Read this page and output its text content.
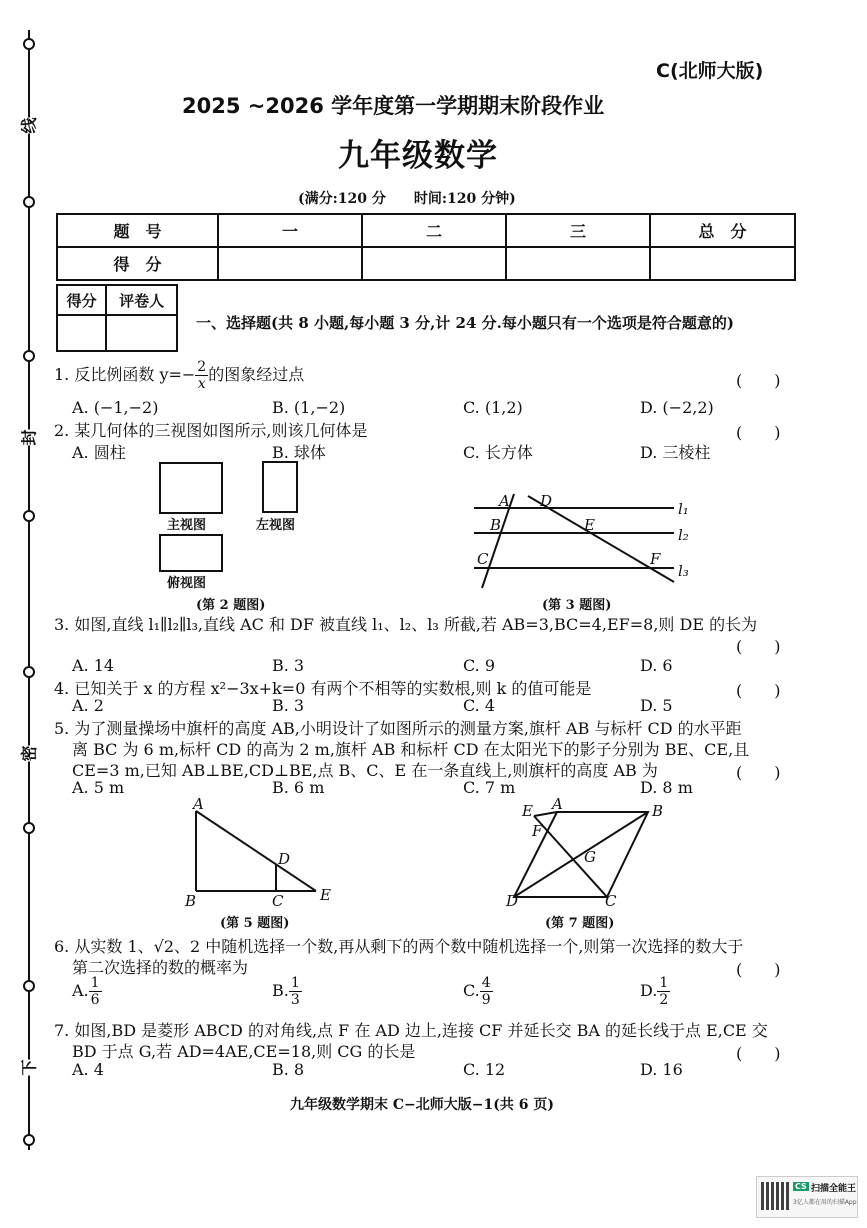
线
封
密
下
C(北师大版)
2025 ~2026 学年度第一学期期末阶段作业
九年级数学
(满分:120 分　　时间:120 分钟)
题　号	一	二	三	总　分
得　分				
得分	评卷人

一、选择题(共 8 小题,每小题 3 分,计 24 分.每小题只有一个选项是符合题意的)
1. 反比例函数 $y=- \frac{2}{x}$ 的图象经过点	(　　)
A. (−1,−2)	B. (1,−2)	C. (1,2)	D. (−2,2)
2. 某几何体的三视图如图所示,则该几何体是	(　　)
A. 圆柱	B. 球体	C. 长方体	D. 三棱柱
主视图	左视图
俯视图
(第 2 题图)
A
B
C
D
E
F
l₁
l₂
l₃
(第 3 题图)
3. 如图,直线 l₁∥l₂∥l₃,直线 AC 和 DF 被直线 l₁、l₂、l₃ 所截,若 AB=3,BC=4,EF=8,则 DE 的长为
(　　)
A. 14	B. 3	C. 9	D. 6
4. 已知关于 x 的方程 x²−3x+k=0 有两个不相等的实数根,则 k 的值可能是	(　　)
A. 2	B. 3	C. 4	D. 5
5. 为了测量操场中旗杆的高度 AB,小明设计了如图所示的测量方案,旗杆 AB 与标杆 CD 的水平距
离 BC 为 6 m,标杆 CD 的高为 2 m,旗杆 AB 和标杆 CD 在太阳光下的影子分别为 BE、CE,且
CE=3 m,已知 AB⊥BE,CD⊥BE,点 B、C、E 在一条直线上,则旗杆的高度 AB 为	(　　)
A. 5 m	B. 6 m	C. 7 m	D. 8 m
A
B	C
D
E
(第 5 题图)
E A	B
F
G
D	C
(第 7 题图)
6. 从实数 1、√2、2 中随机选择一个数,再从剩下的两个数中随机选择一个,则第一次选择的数大于
第二次选择的数的概率为	(　　)
A. $\frac{1}{6}$	B. $\frac{1}{3}$	C. $\frac{4}{9}$	D. $\frac{1}{2}$
7. 如图,BD 是菱形 ABCD 的对角线,点 F 在 AD 边上,连接 CF 并延长交 BA 的延长线于点 E,CE 交
BD 于点 G,若 AD=4AE,CE=18,则 CG 的长是	(　　)
A. 4	B. 8	C. 12	D. 16
九年级数学期末 C−北师大版−1(共 6 页)
CS 扫描全能王
3亿人都在用的扫描App
